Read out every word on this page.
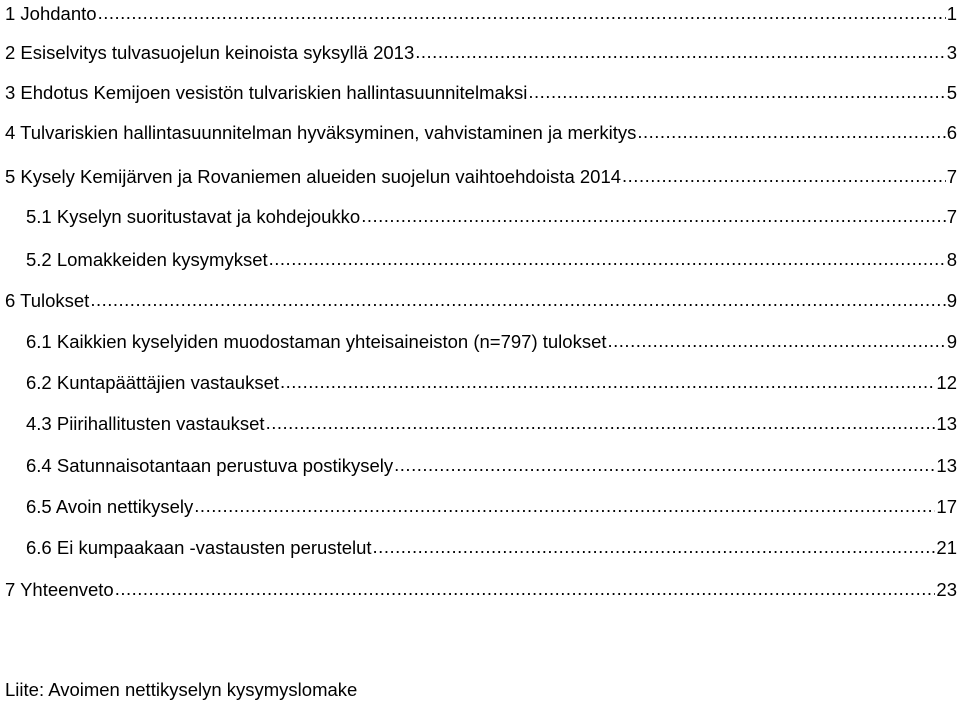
1 Johdanto .....	1
2 Esiselvitys tulvasuojelun keinoista syksyllä 2013 .....	3
3 Ehdotus Kemijoen vesistön tulvariskien hallintasuunnitelmaksi .....	5
4 Tulvariskien hallintasuunnitelman hyväksyminen, vahvistaminen ja merkitys .....	6
5 Kysely Kemijärven ja Rovaniemen alueiden suojelun vaihtoehdoista 2014 .....	7
5.1 Kyselyn suoritustavat ja kohdejoukko .....	7
5.2 Lomakkeiden kysymykset .....	8
6 Tulokset .....	9
6.1 Kaikkien kyselyiden muodostaman yhteisaineiston (n=797) tulokset .....	9
6.2 Kuntapäättäjien vastaukset .....	12
4.3 Piirihallitusten vastaukset .....	13
6.4 Satunnaisotantaan perustuva postikysely .....	13
6.5 Avoin nettikysely .....	17
6.6 Ei kumpaakaan -vastausten perustelut .....	21
7 Yhteenveto .....	23
Liite: Avoimen nettikyselyn kysymyslomake
